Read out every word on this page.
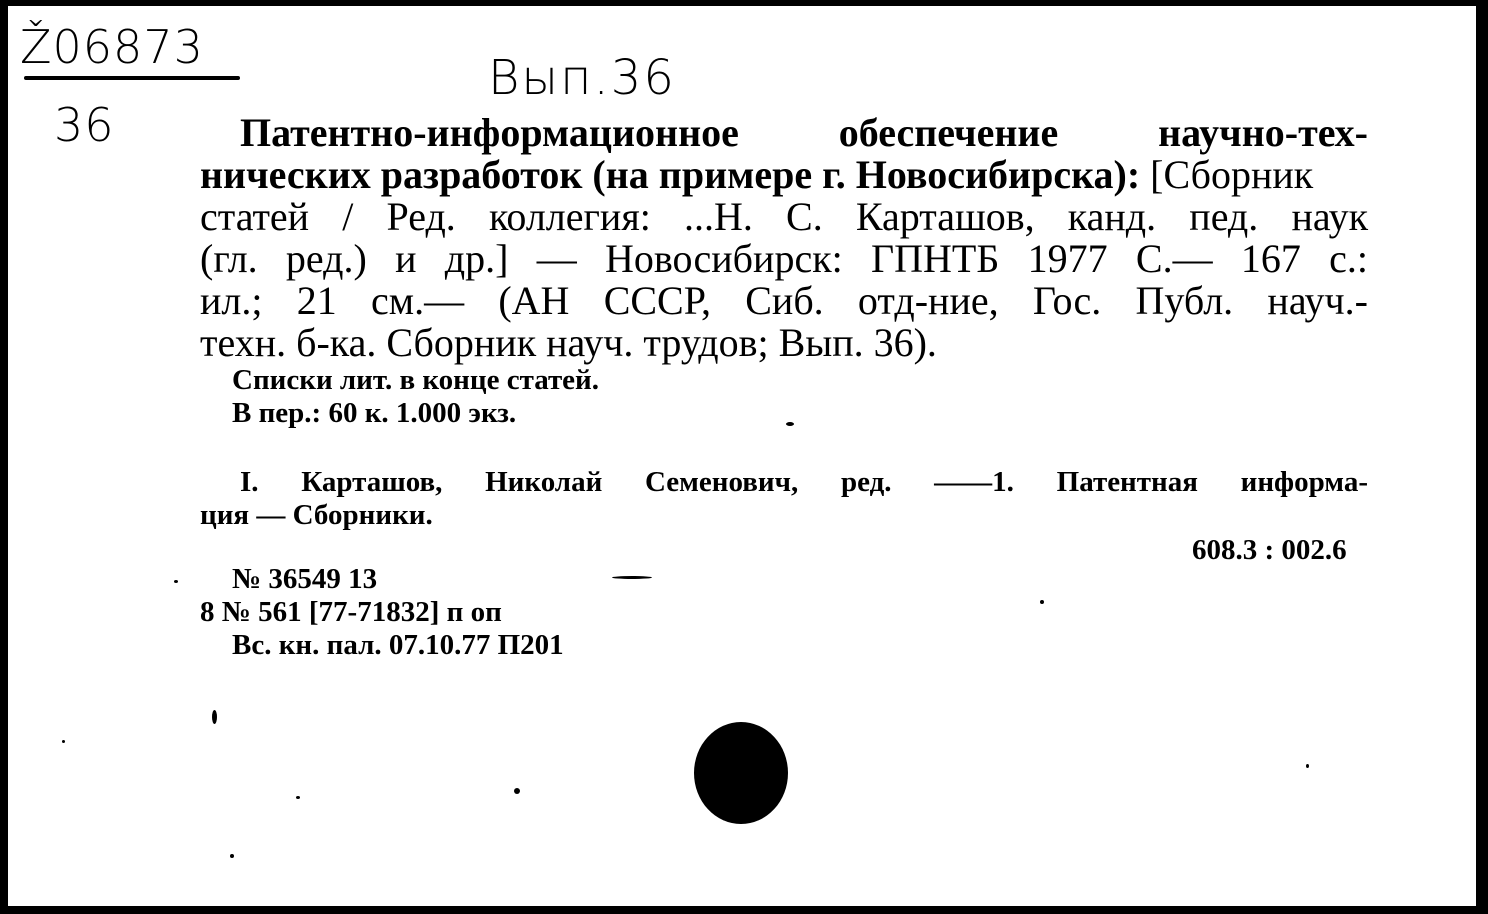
Ž06873
36
Вып.36
Патентно-информационное обеспечение научно-тех-
нических разработок (на примере г. Новосибирска): [Сборник
статей / Ред. коллегия: ...Н. С. Карташов, канд. пед. наук
(гл. ред.) и др.] — Новосибирск: ГПНТБ 1977 С.— 167 с.:
ил.; 21 см.— (АН СССР, Сиб. отд-ние, Гос. Публ. науч.-
техн. б-ка. Сборник науч. трудов; Вып. 36).
Списки лит. в конце статей.
В пер.: 60 к. 1.000 экз.
I. Карташов, Николай Семенович, ред. ——1. Патентная информа-
ция — Сборники.
608.3 : 002.6
№ 36549 13
8 № 561 [77-71832] п оп
Вс. кн. пал. 07.10.77 П201
